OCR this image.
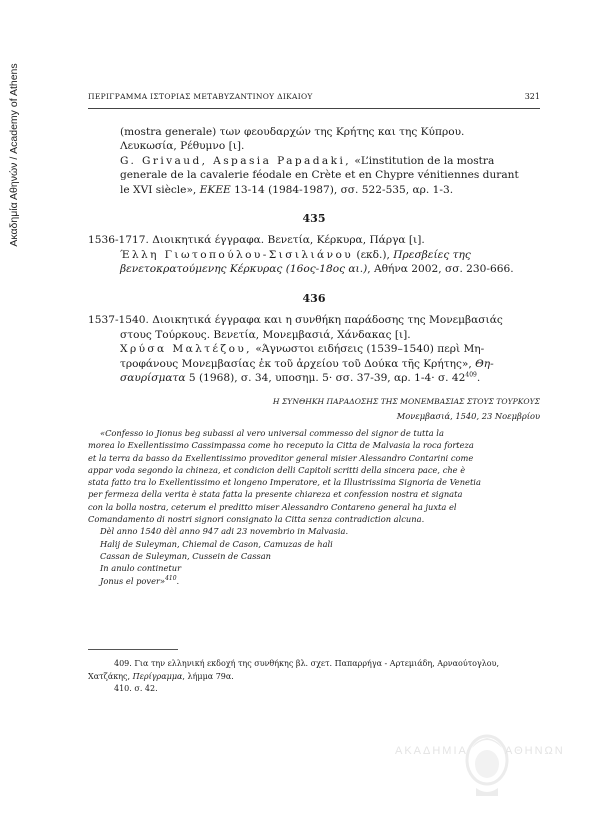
Ακαδημία Αθηνών / Academy of Athens	ΠΕΡΙΓΡΑΜΜΑ ΙΣΤΟΡΙΑΣ ΜΕΤΑΒΥΖΑΝΤΙΝΟΥ ΔΙΚΑΙΟΥ	321
(mostra generale) των φεουδαρχών της Κρήτης και της Κύπρου.
Λευκωσία, Ρέθυμνο [ι].
G. Grivaud, Aspasia Papadaki, «L’institution de la mostra
generale de la cavalerie féodale en Crète et en Chypre vénitiennes durant
le XVI siècle», ΕΚΕΕ 13-14 (1984-1987), σσ. 522-535, αρ. 1-3.
435
1536-1717. Διοικητικά έγγραφα. Βενετία, Κέρκυρα, Πάργα [ι].
Έλλη Γιωτοπούλου-Σισιλιάνου (εκδ.), Πρεσβείες της
βενετοκρατούμενης Κέρκυρας (16ος-18ος αι.), Αθήνα 2002, σσ. 230-666.
436
1537-1540. Διοικητικά έγγραφα και η συνθήκη παράδοσης της Μονεμβασιάς
στους Τούρκους. Βενετία, Μονεμβασιά, Χάνδακας [ι].
Χρύσα Μαλτέζου, «Άγνωστοι ειδήσεις (1539–1540) περὶ Μη-
τροφάνους Μονεμβασίας ἐκ τοῦ ἀρχείου τοῦ Δούκα τῆς Κρήτης», Θη-
σαυρίσματα 5 (1968), σ. 34, υποσημ. 5· σσ. 37-39, αρ. 1-4· σ. $42^{409}$.
Η ΣΥΝΘΗΚΗ ΠΑΡΑΔΟΣΗΣ ΤΗΣ ΜΟΝΕΜΒΑΣΙΑΣ ΣΤΟΥΣ ΤΟΥΡΚΟΥΣ
Μονεμβασιά, 1540, 23 Νοεμβρίου
«Confesso io Jionus beg subassi al vero universal commesso del signor de tutta la
morea lo Exellentissimo Cassimpassa come ho receputo la Citta de Malvasia la roca forteza
et la terra da basso da Exellentissimo proveditor general misier Alessandro Contarini come
appar voda segondo la chineza, et condicion delli Capitoli scritti della sincera pace, che è
stata fatto tra lo Exellentissimo et longeno Imperatore, et la Illustrissima Signoria de Venetia
per fermeza della verita è stata fatta la presente chiareza et confession nostra et signata
con la bolla nostra, ceterum el preditto miser Alessandro Contareno general ha juxta el
Comandamento di nostri signori consignato la Citta senza contradiction alcuna.
Dèl anno 1540 dèl anno 947 adi 23 novembrio in Malvasia.
Halij de Suleyman, Chiemal de Cason, Camuzas de hali
Cassan de Suleyman, Cussein de Cassan
In anulo continetur
Jonus el pover»$^{410}$.
409. Για την ελληνική εκδοχή της συνθήκης βλ. σχετ. Παπαρρήγα - Αρτεμιάδη, Αρναούτογλου,
Χατζάκης, Περίγραμμα, λήμμα 79α.
410. σ. 42.
ΑΚΑΔΗΜΙΑ	ΑΘΗΝΩΝ
